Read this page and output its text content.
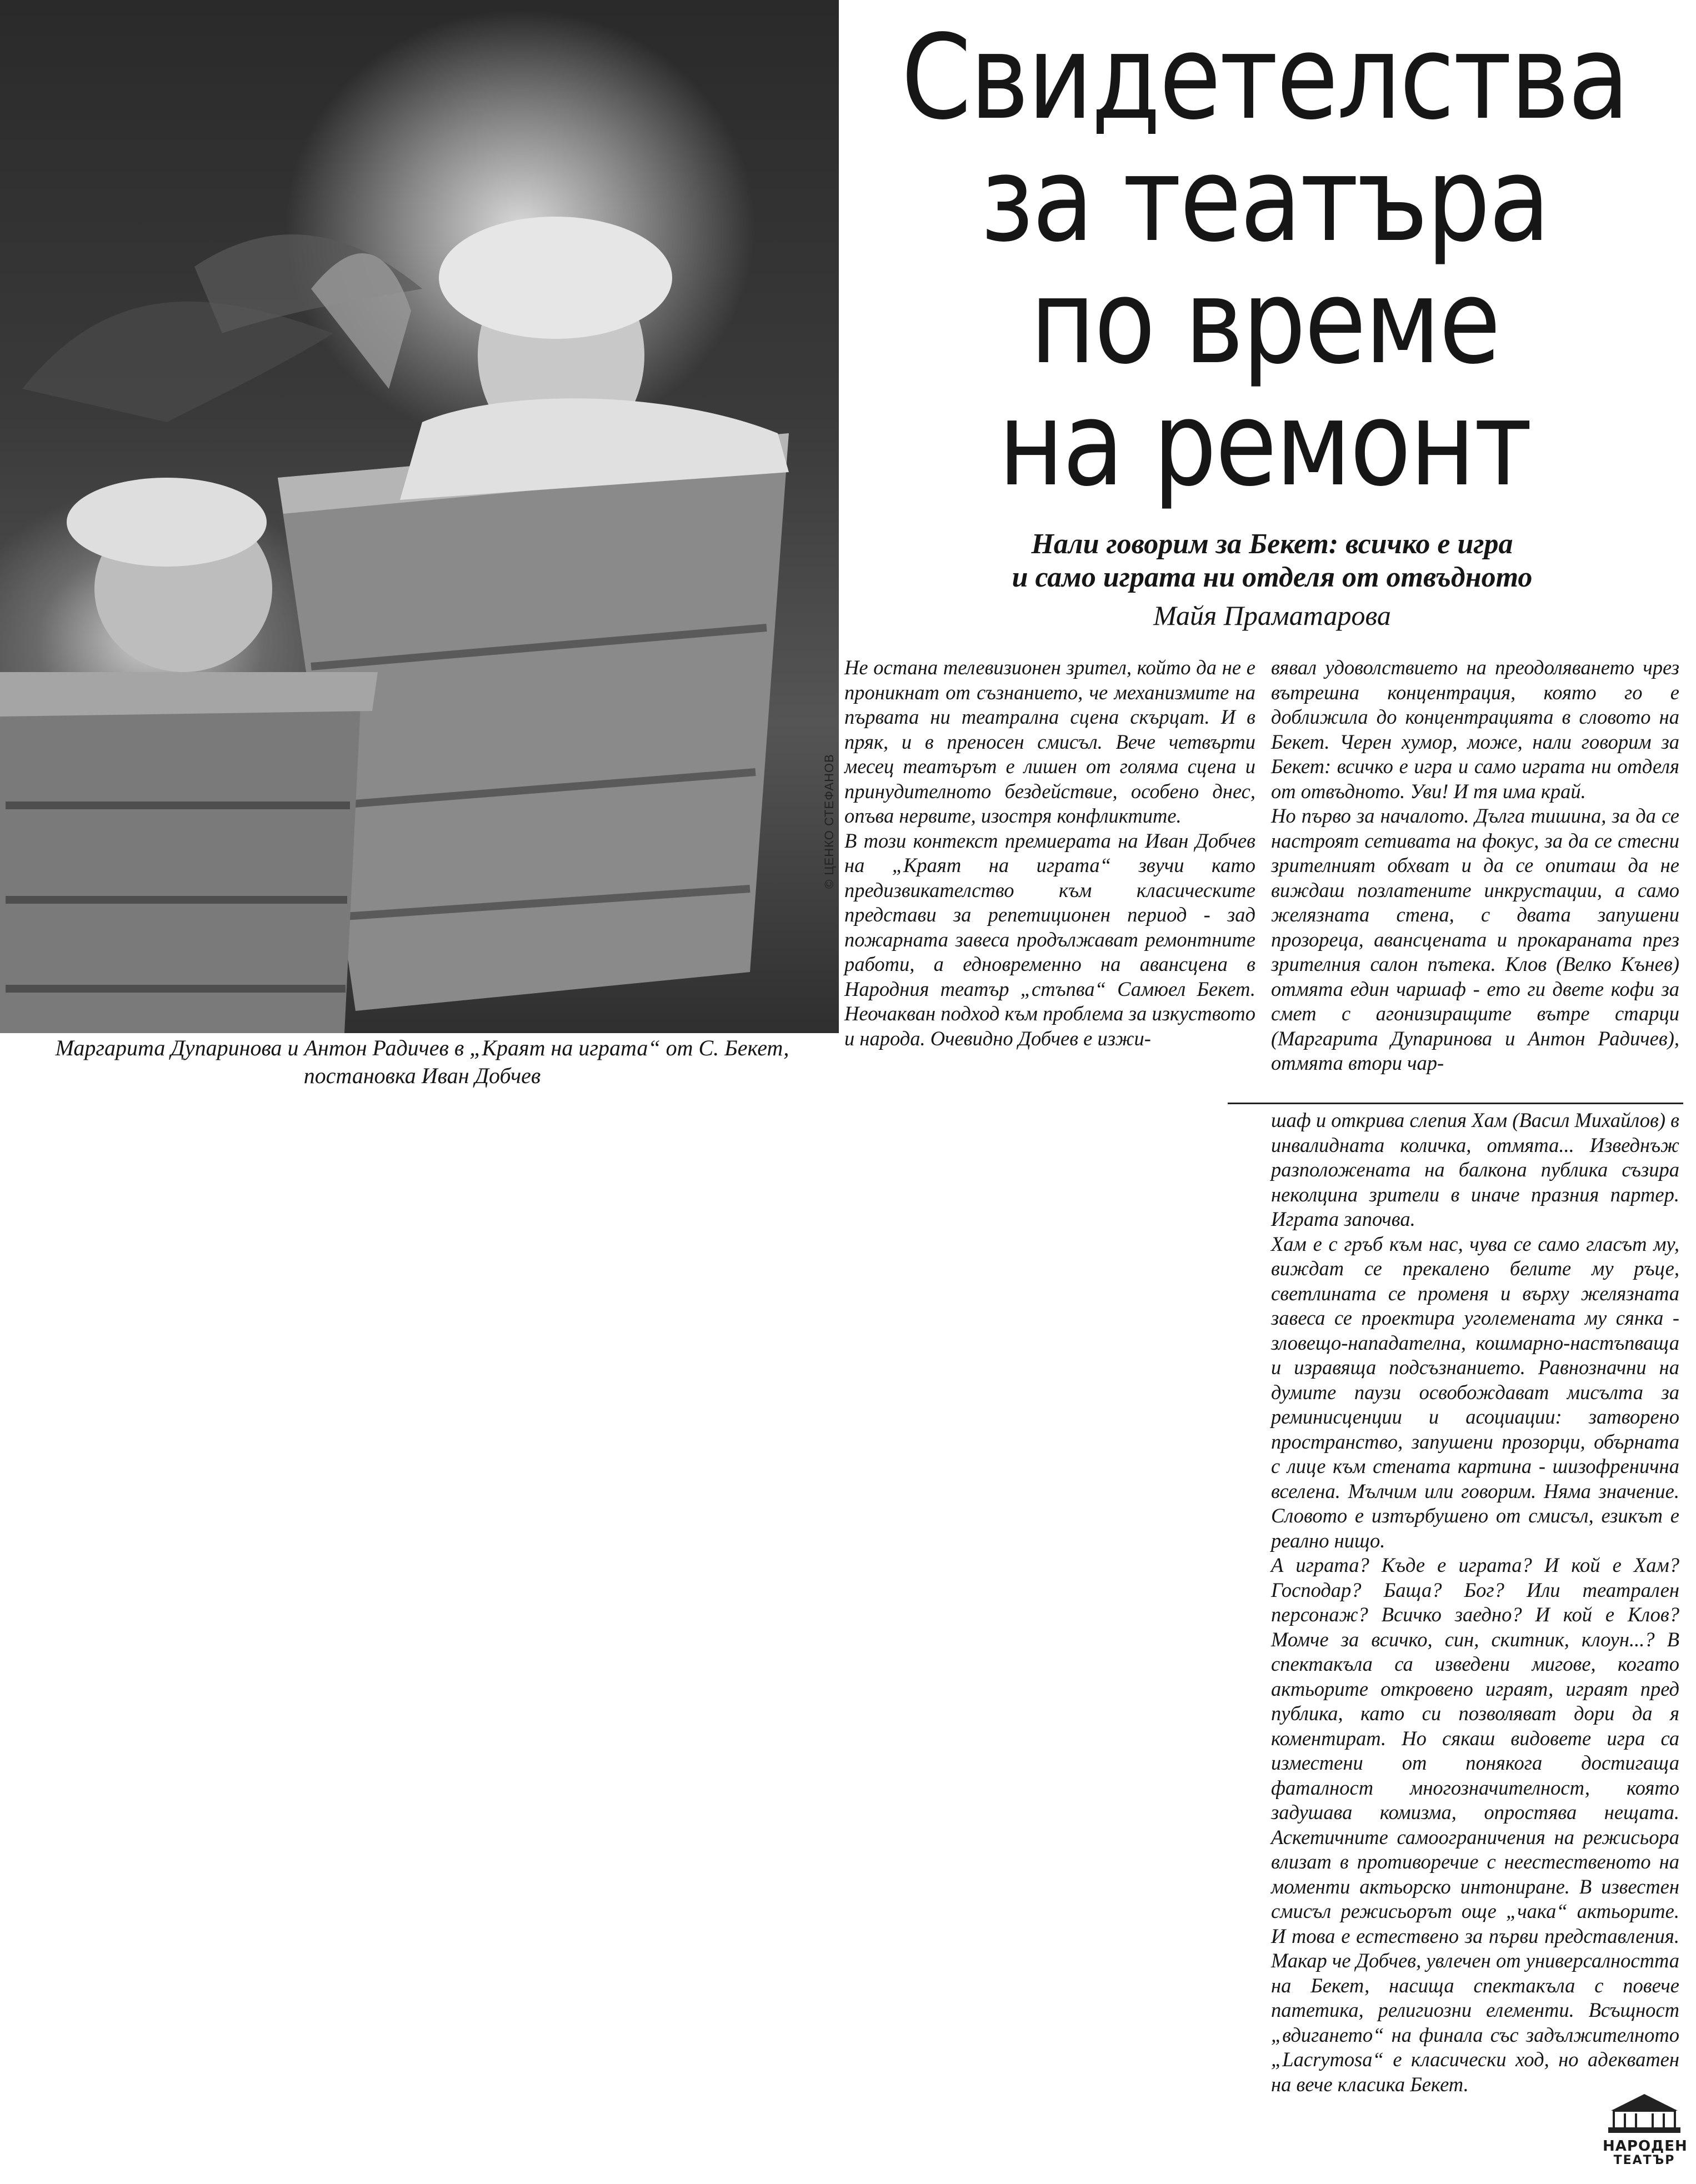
© ЦЕНКО СТЕФАНОВ
Маргарита Дупаринова и Антон Радичев в „Краят на играта“ от С. Бекет,
постановка Иван Добчев
Свидетелства
за театъра
по време
на ремонт
Нали говорим за Бекет: всичко е игра
и само играта ни отделя от отвъдното
Майя Праматарова

Не остана телевизионен зрител, който да не е проникнат от съзнанието, че механизмите на първата ни театрална сцена скърцат. И в пряк, и в преносен смисъл. Вече четвърти месец театърът е лишен от голяма сцена и принудителното бездействие, особено днес, опъва нервите, изостря конфликтите.

В този контекст премиерата на Иван Добчев на „Краят на играта“ звучи като предизвикателство към класическите представи за репетиционен период - зад пожарната завеса продължават ремонтните работи, а едновременно на авансцена в Народния театър „стъпва“ Самюел Бекет. Неочакван подход към проблема за изкуството и народа. Очевидно Добчев е изжи-

вявал удоволствието на преодоляването чрез вътрешна концентрация, която го е доближила до концентрацията в словото на Бекет. Черен хумор, може, нали говорим за Бекет: всичко е игра и само играта ни отделя от отвъдното. Уви! И тя има край.

Но първо за началото. Дълга тишина, за да се настроят сетивата на фокус, за да се стесни зрителният обхват и да се опиташ да не виждаш позлатените инкрустации, а само желязната стена, с двата запушени прозореца, авансцената и прокараната през зрителния салон пътека. Клов (Велко Кънев) отмята един чаршаф - ето ги двете кофи за смет с агонизиращите вътре старци (Маргарита Дупаринова и Антон Радичев), отмята втори чар-

шаф и открива слепия Хам (Васил Михайлов) в инвалидната количка, отмята... Изведнъж разположената на балкона публика съзира неколцина зрители в иначе празния партер. Играта започва.

Хам е с гръб към нас, чува се само гласът му, виждат се прекалено белите му ръце, светлината се променя и върху желязната завеса се проектира уголемената му сянка - зловещо-нападателна, кошмарно-настъпваща и изравяща подсъзнанието. Равнозначни на думите паузи освобождават мисълта за реминисценции и асоциации: затворено пространство, запушени прозорци, обърната с лице към стената картина - шизофренична вселена. Мълчим или говорим. Няма значение. Словото е изтърбушено от смисъл, езикът е реално нищо.

А играта? Къде е играта? И кой е Хам? Господар? Баща? Бог? Или театрален персонаж? Всичко заедно? И кой е Клов? Момче за всичко, син, скитник, клоун...? В спектакъла са изведени мигове, когато актьорите откровено играят, играят пред публика, като си позволяват дори да я коментират. Но сякаш видовете игра са изместени от понякога достигаща фаталност многозначителност, която задушава комизма, опростява нещата. Аскетичните самоограничения на режисьора влизат в противоречие с неестественото на моменти актьорско интониране. В известен смисъл режисьорът още „чака“ актьорите. И това е естествено за първи представления. Макар че Добчев, увлечен от универсалността на Бекет, насища спектакъла с повече патетика, религиозни елементи. Всъщност „вдигането“ на финала със задължителното „Lacrymosa“ е класически ход, но адекватен на вече класика Бекет.

НАРОДЕН
ТЕАТЪР
